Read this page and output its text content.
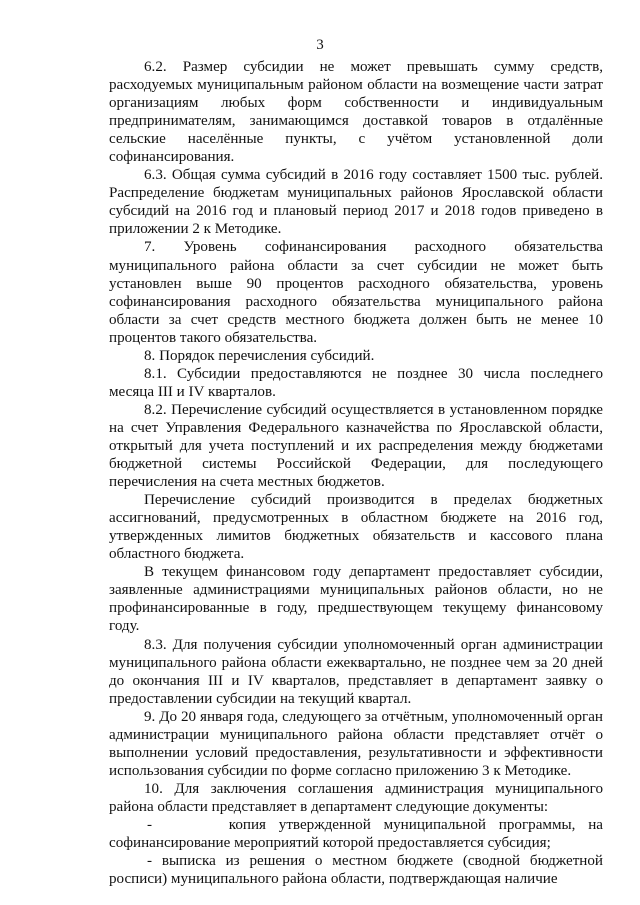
3

6.2. Размер субсидии не может превышать сумму средств, расходуемых муниципальным районом области на возмещение части затрат организациям любых форм собственности и индивидуальным предпринимателям, занимающимся доставкой товаров в отдалённые сельские населённые пункты, с учётом установленной доли софинансирования.

6.3. Общая сумма субсидий в 2016 году составляет 1500 тыс. рублей. Распределение бюджетам муниципальных районов Ярославской области субсидий на 2016 год и плановый период 2017 и 2018 годов приведено в приложении 2 к Методике.

7. Уровень софинансирования расходного обязательства муниципального района области за счет субсидии не может быть установлен выше 90 процентов расходного обязательства, уровень софинансирования расходного обязательства муниципального района области за счет средств местного бюджета должен быть не менее 10 процентов такого обязательства.

8. Порядок перечисления субсидий.

8.1. Субсидии предоставляются не позднее 30 числа последнего месяца III и IV кварталов.

8.2. Перечисление субсидий осуществляется в установленном порядке на счет Управления Федерального казначейства по Ярославской области, открытый для учета поступлений и их распределения между бюджетами бюджетной системы Российской Федерации, для последующего перечисления на счета местных бюджетов.

Перечисление субсидий производится в пределах бюджетных ассигнований, предусмотренных в областном бюджете на 2016 год, утвержденных лимитов бюджетных обязательств и кассового плана областного бюджета.

В текущем финансовом году департамент предоставляет субсидии, заявленные администрациями муниципальных районов области, но не профинансированные в году, предшествующем текущему финансовому году.

8.3. Для получения субсидии уполномоченный орган администрации муниципального района области ежеквартально, не позднее чем за 20 дней до окончания III и IV кварталов, представляет в департамент заявку о предоставлении субсидии на текущий квартал.

9. До 20 января года, следующего за отчётным, уполномоченный орган администрации муниципального района области представляет отчёт о выполнении условий предоставления, результативности и эффективности использования субсидии по форме согласно приложению 3 к Методике.

10. Для заключения соглашения администрация муниципального района области представляет в департамент следующие документы:

-      копия утвержденной муниципальной программы, на софинансирование мероприятий которой предоставляется субсидия;

- выписка из решения о местном бюджете (сводной бюджетной росписи) муниципального района области, подтверждающая наличие
